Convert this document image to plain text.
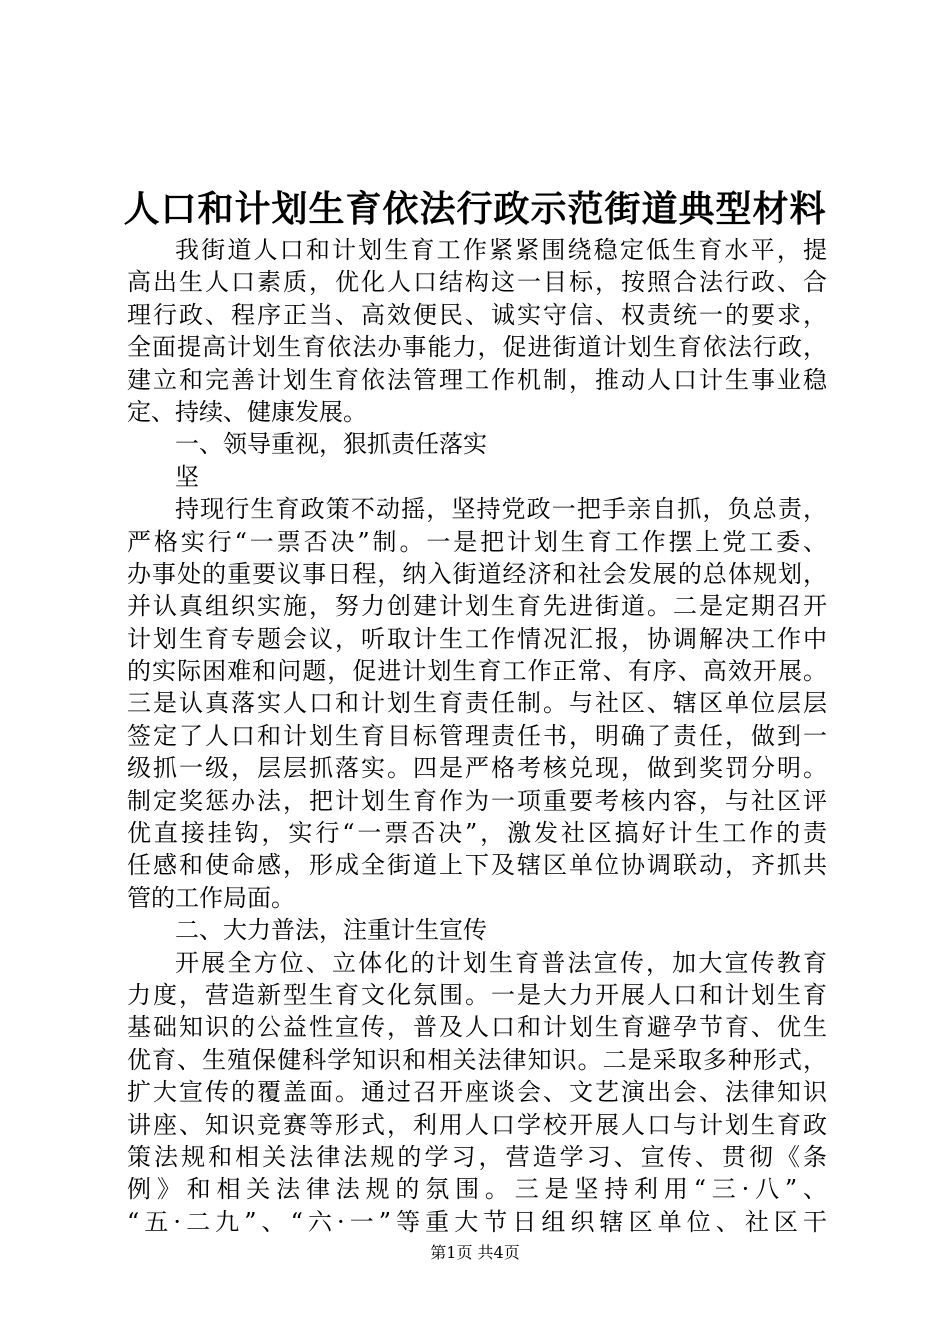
人口和计划生育依法行政示范街道典型材料
我街道人口和计划生育工作紧紧围绕稳定低生育水平，提
高出生人口素质，优化人口结构这一目标，按照合法行政、合
理行政、程序正当、高效便民、诚实守信、权责统一的要求，
全面提高计划生育依法办事能力，促进街道计划生育依法行政，
建立和完善计划生育依法管理工作机制，推动人口计生事业稳
定、持续、健康发展。
一、领导重视，狠抓责任落实
坚
持现行生育政策不动摇，坚持党政一把手亲自抓，负总责，
严格实行“一票否决”制。一是把计划生育工作摆上党工委、
办事处的重要议事日程，纳入街道经济和社会发展的总体规划，
并认真组织实施，努力创建计划生育先进街道。二是定期召开
计划生育专题会议，听取计生工作情况汇报，协调解决工作中
的实际困难和问题，促进计划生育工作正常、有序、高效开展。
三是认真落实人口和计划生育责任制。与社区、辖区单位层层
签定了人口和计划生育目标管理责任书，明确了责任，做到一
级抓一级，层层抓落实。四是严格考核兑现，做到奖罚分明。
制定奖惩办法，把计划生育作为一项重要考核内容，与社区评
优直接挂钩，实行“一票否决”，激发社区搞好计生工作的责
任感和使命感，形成全街道上下及辖区单位协调联动，齐抓共
管的工作局面。
二、大力普法，注重计生宣传
开展全方位、立体化的计划生育普法宣传，加大宣传教育
力度，营造新型生育文化氛围。一是大力开展人口和计划生育
基础知识的公益性宣传，普及人口和计划生育避孕节育、优生
优育、生殖保健科学知识和相关法律知识。二是采取多种形式，
扩大宣传的覆盖面。通过召开座谈会、文艺演出会、法律知识
讲座、知识竞赛等形式，利用人口学校开展人口与计划生育政
策法规和相关法律法规的学习，营造学习、宣传、贯彻《条
例》和相关法律法规的氛围。三是坚持利用“三·八”、
“五·二九”、“六·一”等重大节日组织辖区单位、社区干
第1页 共4页
